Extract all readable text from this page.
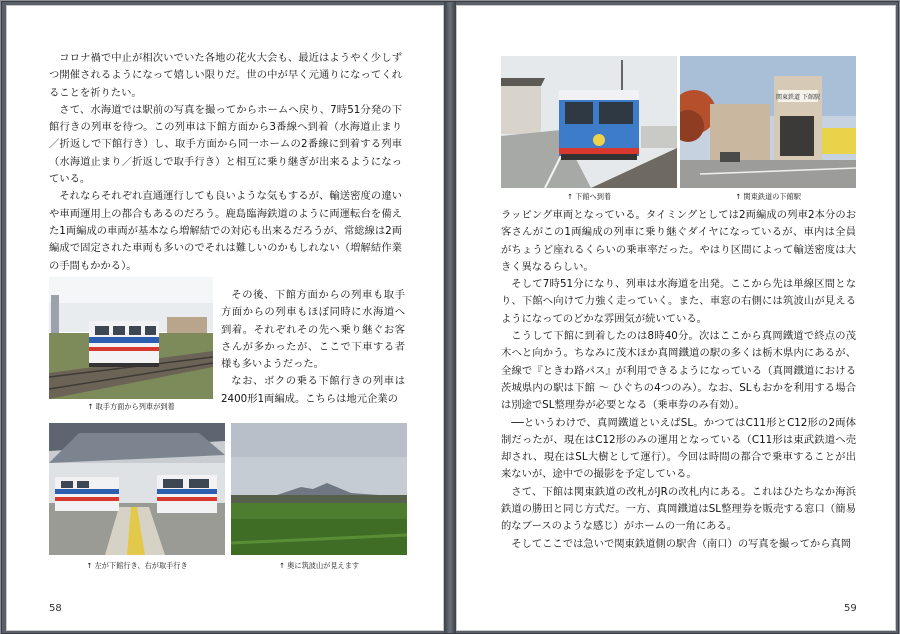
コロナ禍で中止が相次いでいた各地の花火大会も、最近はようやく少しずつ開催されるようになって嬉しい限りだ。世の中が早く元通りになってくれることを祈りたい。

さて、水海道では駅前の写真を撮ってからホームへ戻り、7時51分発の下館行きの列車を待つ。この列車は下館方面から3番線へ到着（水海道止まり／折返しで下館行き）し、取手方面から同一ホームの2番線に到着する列車（水海道止まり／折返しで取手行き）と相互に乗り継ぎが出来るようになっている。

それならそれぞれ直通運行しても良いような気もするが、輸送密度の違いや車両運用上の都合もあるのだろう。鹿島臨海鉄道のように両運転台を備えた1両編成の車両が基本なら増解結での対応も出来るだろうが、常総線は2両編成で固定された車両も多いのでそれは難しいのかもしれない（増解結作業の手間もかかる）。

↑ 取手方面から列車が到着

その後、下館方面からの列車も取手方面からの列車もほぼ同時に水海道へ到着。それぞれその先へ乗り継ぐお客さんが多かったが、ここで下車する者様も多いようだった。

なお、ボクの乗る下館行きの列車は2400形1両編成。こちらは地元企業の

↑ 左が下館行き、右が取手行き	↑ 奥に筑波山が見えます
58
↑ 下館へ到着
関東鉄道 下館駅
↑ 関東鉄道の下館駅

ラッピング車両となっている。タイミングとしては2両編成の列車2本分のお客さんがこの1両編成の列車に乗り継ぐダイヤになっているが、車内は全員がちょうど座れるくらいの乗車率だった。やはり区間によって輸送密度は大きく異なるらしい。

そして7時51分になり、列車は水海道を出発。ここから先は単線区間となり、下館へ向けて力強く走っていく。また、車窓の右側には筑波山が見えるようになってのどかな雰囲気が続いている。

こうして下館に到着したのは8時40分。次はここから真岡鐵道で終点の茂木へと向かう。ちなみに茂木ほか真岡鐵道の駅の多くは栃木県内にあるが、全線で『ときわ路パス』が利用できるようになっている（真岡鐵道における茨城県内の駅は下館 〜 ひぐちの4つのみ）。なお、SLもおかを利用する場合は別途でSL整理券が必要となる（乗車券のみ有効）。

──というわけで、真岡鐵道といえばSL。かつてはC11形とC12形の2両体制だったが、現在はC12形のみの運用となっている（C11形は東武鉄道へ売却され、現在はSL大樹として運行）。今回は時間の都合で乗車することが出来ないが、途中での撮影を予定している。

さて、下館は関東鉄道の改札がJRの改札内にある。これはひたちなか海浜鉄道の勝田と同じ方式だ。一方、真岡鐵道はSL整理券を販売する窓口（簡易的なブースのような感じ）がホームの一角にある。

そしてここでは急いで関東鉄道側の駅舎（南口）の写真を撮ってから真岡

59
